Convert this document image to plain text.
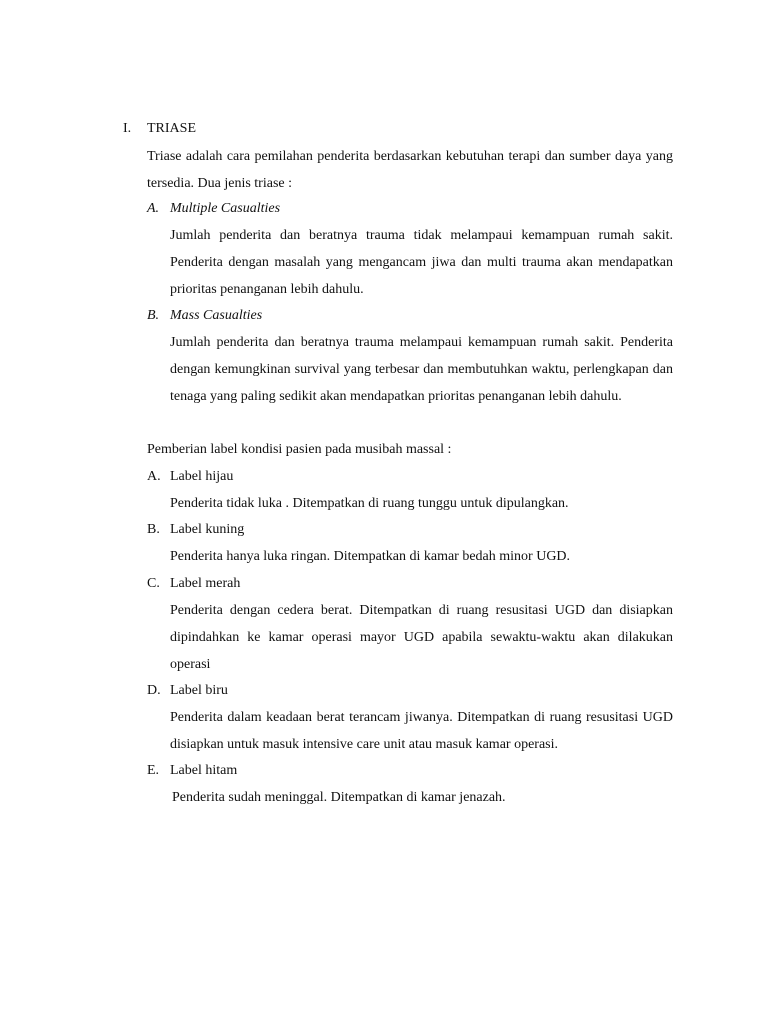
I. TRIASE

Triase adalah cara pemilahan penderita berdasarkan kebutuhan terapi dan sumber daya yang tersedia. Dua jenis triase :

A. Multiple Casualties

Jumlah penderita dan beratnya trauma tidak melampaui kemampuan rumah sakit. Penderita dengan masalah yang mengancam jiwa dan multi trauma akan mendapatkan prioritas penanganan lebih dahulu.

B. Mass Casualties

Jumlah penderita dan beratnya trauma melampaui kemampuan rumah sakit. Penderita dengan kemungkinan survival yang terbesar dan membutuhkan waktu, perlengkapan dan tenaga yang paling sedikit akan mendapatkan prioritas penanganan lebih dahulu.

Pemberian label kondisi pasien pada musibah massal :
A. Label hijau
Penderita tidak luka . Ditempatkan di ruang tunggu untuk dipulangkan.
B. Label kuning
Penderita hanya luka ringan. Ditempatkan di kamar bedah minor UGD.
C. Label merah

Penderita dengan cedera berat. Ditempatkan di ruang resusitasi UGD dan disiapkan dipindahkan ke kamar operasi mayor UGD apabila sewaktu-waktu akan dilakukan operasi

D. Label biru

Penderita dalam keadaan berat terancam jiwanya. Ditempatkan di ruang resusitasi UGD disiapkan untuk masuk intensive care unit atau masuk kamar operasi.

E. Label hitam
Penderita sudah meninggal. Ditempatkan di kamar jenazah.
